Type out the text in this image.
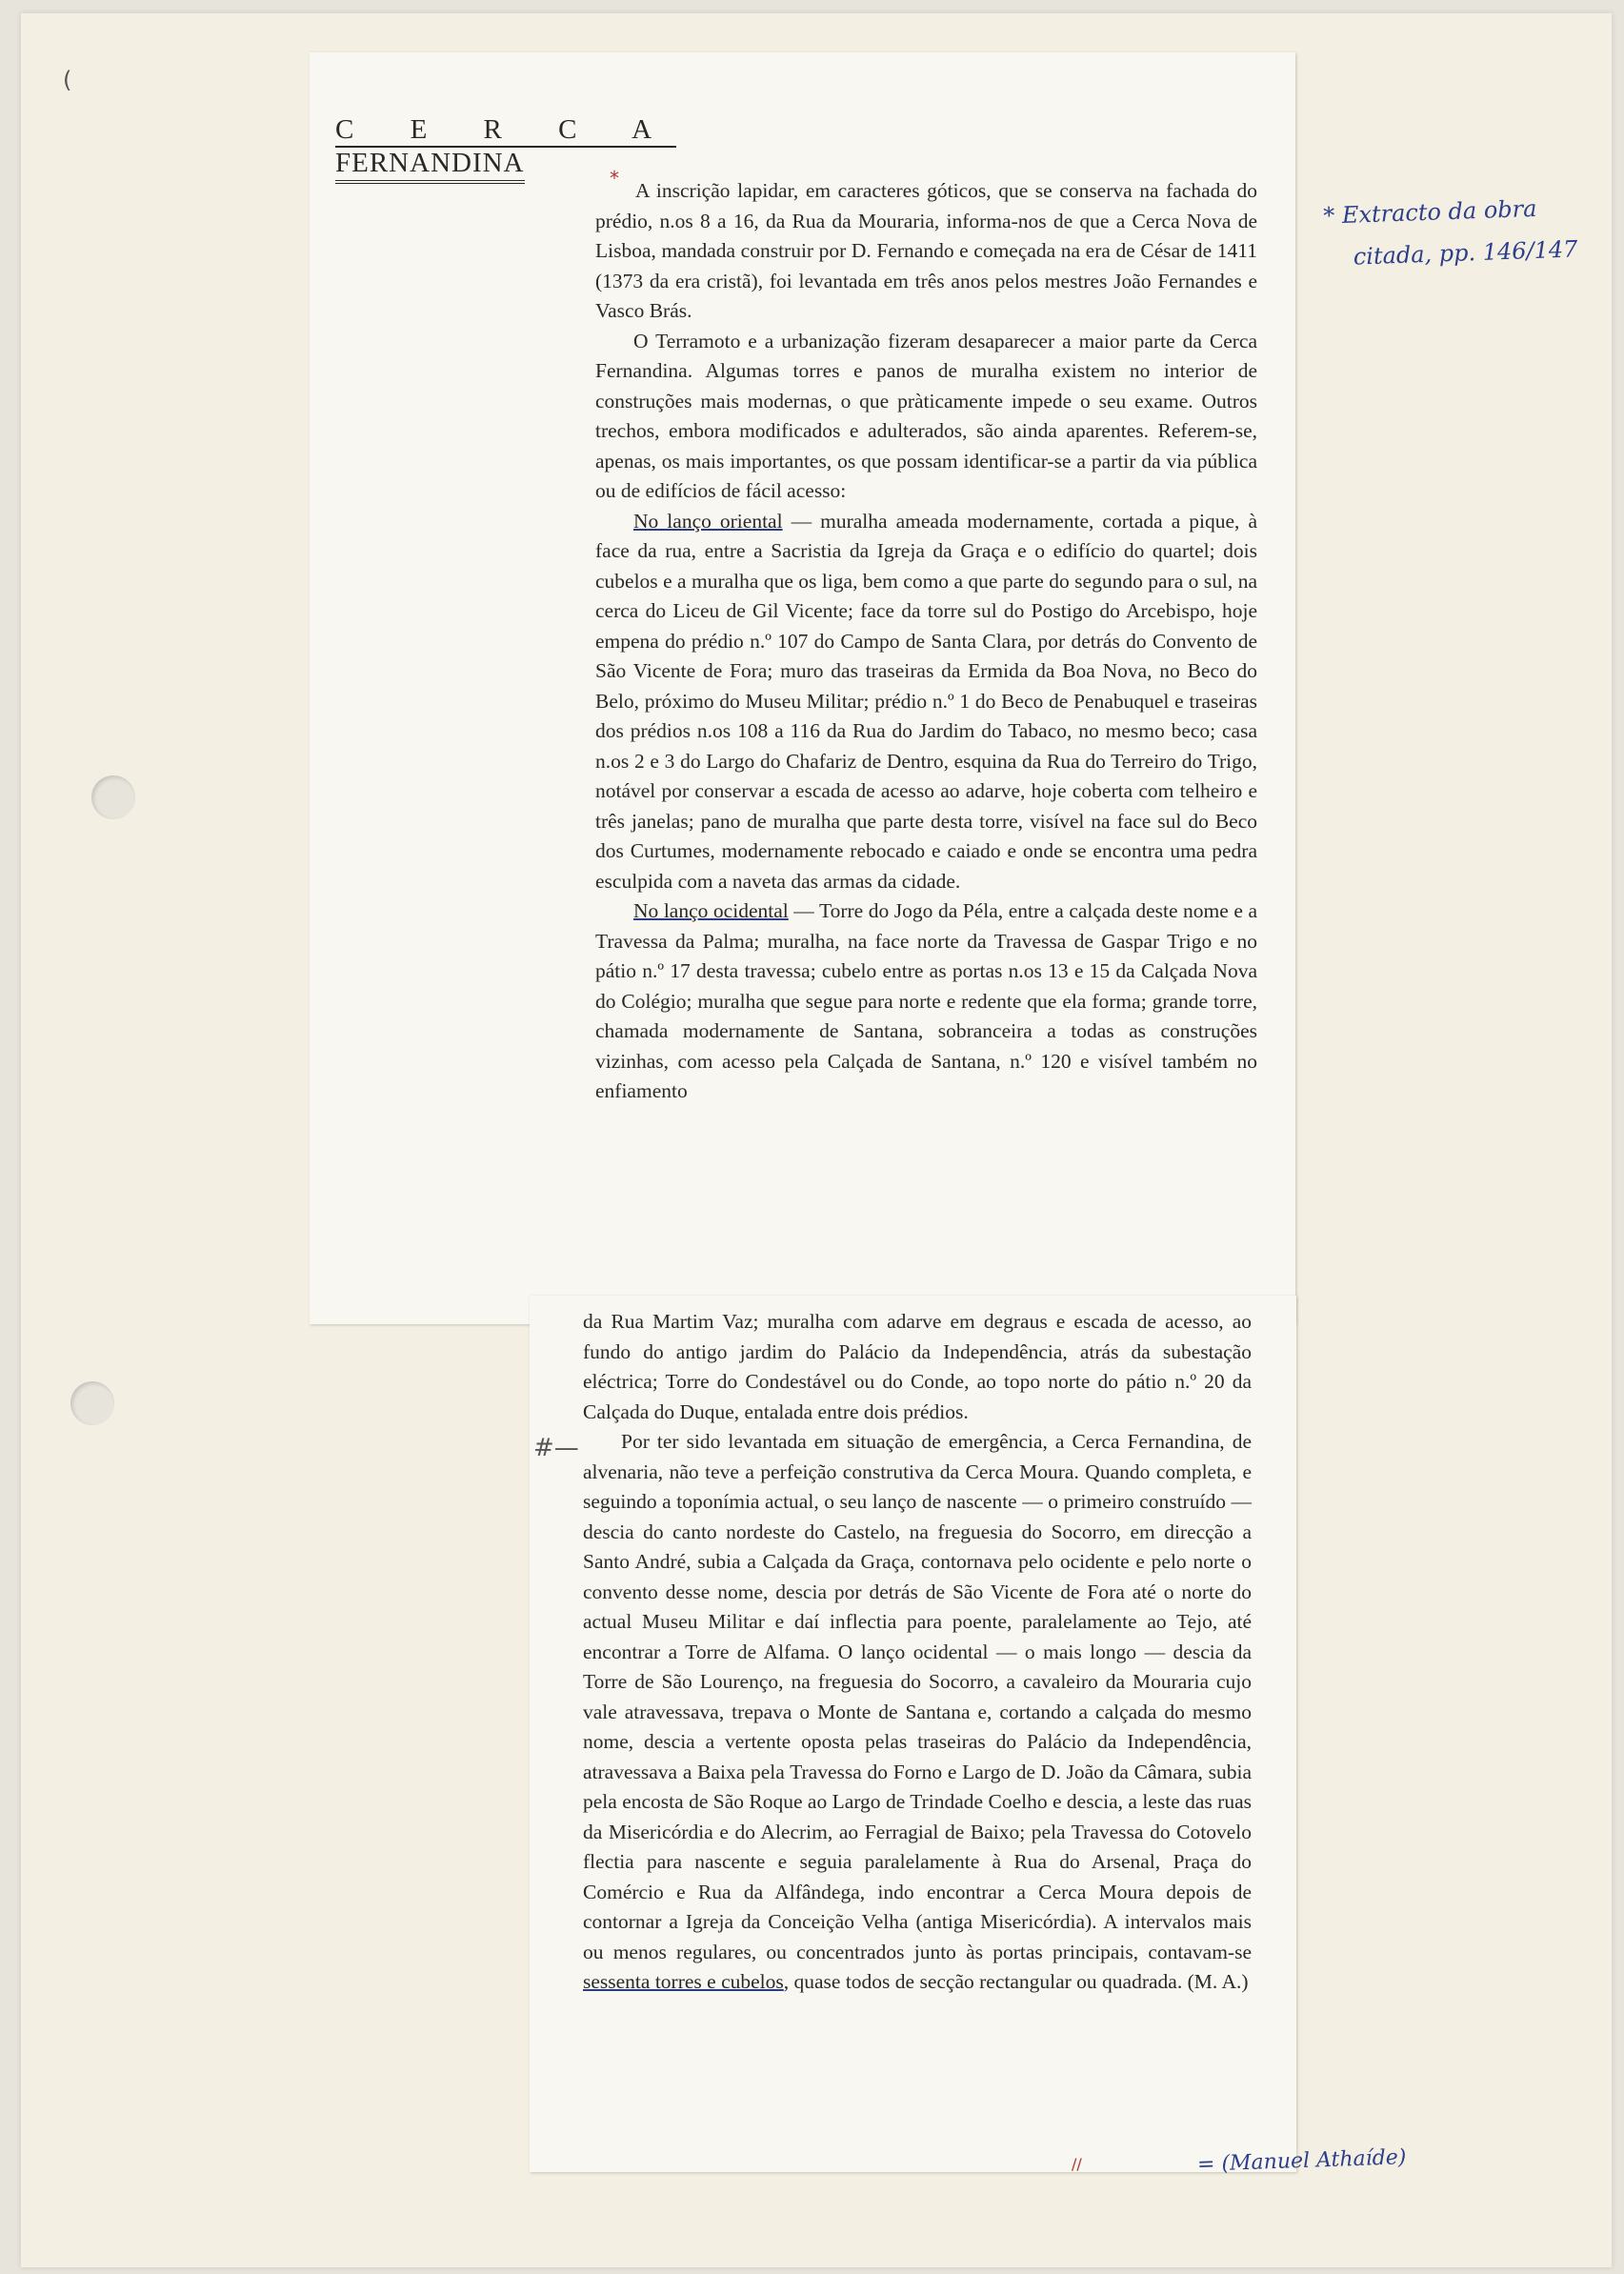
(
C E R C A
FERNANDINA	*

A inscrição lapidar, em caracteres góticos, que se conserva na fachada do prédio, n.os 8 a 16, da Rua da Mouraria, informa-nos de que a Cerca Nova de Lisboa, mandada construir por D. Fernando e começada na era de César de 1411 (1373 da era cristã), foi levantada em três anos pelos mestres João Fernandes e Vasco Brás.

O Terramoto e a urbanização fizeram desaparecer a maior parte da Cerca Fernandina. Algumas torres e panos de muralha existem no interior de construções mais modernas, o que pràticamente impede o seu exame. Outros trechos, embora modificados e adulterados, são ainda aparentes. Referem-se, apenas, os mais importantes, os que possam identificar-se a partir da via pública ou de edifícios de fácil acesso:

No lanço oriental — muralha ameada modernamente, cortada a pique, à face da rua, entre a Sacristia da Igreja da Graça e o edifício do quartel; dois cubelos e a muralha que os liga, bem como a que parte do segundo para o sul, na cerca do Liceu de Gil Vicente; face da torre sul do Postigo do Arcebispo, hoje empena do prédio n.º 107 do Campo de Santa Clara, por detrás do Convento de São Vicente de Fora; muro das traseiras da Ermida da Boa Nova, no Beco do Belo, próximo do Museu Militar; prédio n.º 1 do Beco de Penabuquel e traseiras dos prédios n.os 108 a 116 da Rua do Jardim do Tabaco, no mesmo beco; casa n.os 2 e 3 do Largo do Chafariz de Dentro, esquina da Rua do Terreiro do Trigo, notável por conservar a escada de acesso ao adarve, hoje coberta com telheiro e três janelas; pano de muralha que parte desta torre, visível na face sul do Beco dos Curtumes, modernamente rebocado e caiado e onde se encontra uma pedra esculpida com a naveta das armas da cidade.

No lanço ocidental — Torre do Jogo da Péla, entre a calçada deste nome e a Travessa da Palma; muralha, na face norte da Travessa de Gaspar Trigo e no pátio n.º 17 desta travessa; cubelo entre as portas n.os 13 e 15 da Calçada Nova do Colégio; muralha que segue para norte e redente que ela forma; grande torre, chamada modernamente de Santana, sobranceira a todas as construções vizinhas, com acesso pela Calçada de Santana, n.º 120 e visível também no enfiamento

* Extracto da obra
citada, pp. 146/147
#—

da Rua Martim Vaz; muralha com adarve em degraus e escada de acesso, ao fundo do antigo jardim do Palácio da Independência, atrás da subestação eléctrica; Torre do Condestável ou do Conde, ao topo norte do pátio n.º 20 da Calçada do Duque, entalada entre dois prédios.

Por ter sido levantada em situação de emergência, a Cerca Fernandina, de alvenaria, não teve a perfeição construtiva da Cerca Moura. Quando completa, e seguindo a toponímia actual, o seu lanço de nascente — o primeiro construído — descia do canto nordeste do Castelo, na freguesia do Socorro, em direcção a Santo André, subia a Calçada da Graça, contornava pelo ocidente e pelo norte o convento desse nome, descia por detrás de São Vicente de Fora até o norte do actual Museu Militar e daí inflectia para poente, paralelamente ao Tejo, até encontrar a Torre de Alfama. O lanço ocidental — o mais longo — descia da Torre de São Lourenço, na freguesia do Socorro, a cavaleiro da Mouraria cujo vale atravessava, trepava o Monte de Santana e, cortando a calçada do mesmo nome, descia a vertente oposta pelas traseiras do Palácio da Independência, atravessava a Baixa pela Travessa do Forno e Largo de D. João da Câmara, subia pela encosta de São Roque ao Largo de Trindade Coelho e descia, a leste das ruas da Misericórdia e do Alecrim, ao Ferragial de Baixo; pela Travessa do Cotovelo flectia para nascente e seguia paralelamente à Rua do Arsenal, Praça do Comércio e Rua da Alfândega, indo encontrar a Cerca Moura depois de contornar a Igreja da Conceição Velha (antiga Misericórdia). A intervalos mais ou menos regulares, ou concentrados junto às portas principais, contavam-se sessenta torres e cubelos, quase todos de secção rectangular ou quadrada. (M. A.)

//	= (Manuel Athaíde)
